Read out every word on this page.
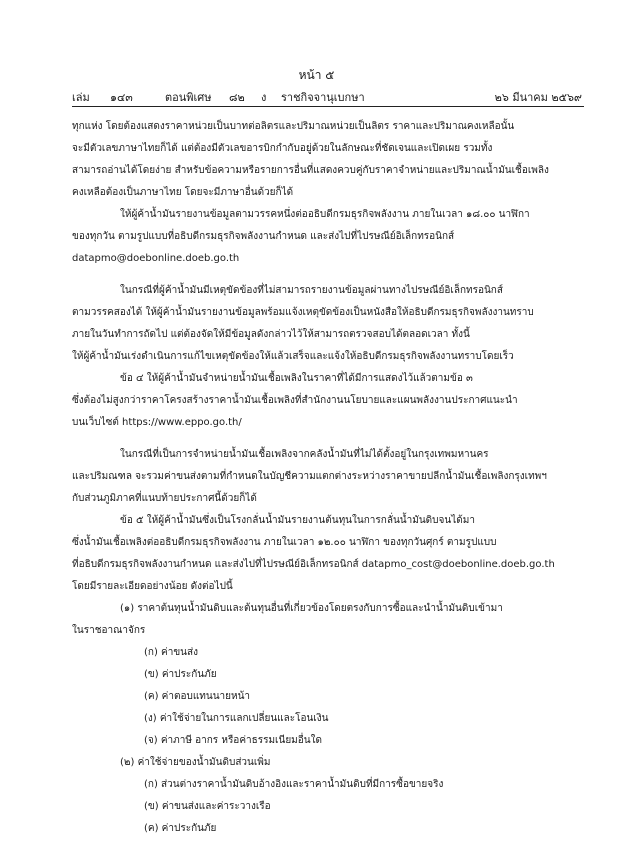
หน้า ๕
เล่ม ๑๔๓	ตอนพิเศษ ๘๒ ง ราชกิจจานุเบกษา	๒๖ มีนาคม ๒๕๖๙
ทุกแห่ง โดยต้องแสดงราคาหน่วยเป็นบาทต่อลิตรและปริมาณหน่วยเป็นลิตร ราคาและปริมาณคงเหลือนั้น
จะมีตัวเลขภาษาไทยก็ได้ แต่ต้องมีตัวเลขอารบิกกำกับอยู่ด้วยในลักษณะที่ชัดเจนและเปิดเผย รวมทั้ง
สามารถอ่านได้โดยง่าย สำหรับข้อความหรือรายการอื่นที่แสดงควบคู่กับราคาจำหน่ายและปริมาณน้ำมันเชื้อเพลิง
คงเหลือต้องเป็นภาษาไทย โดยจะมีภาษาอื่นด้วยก็ได้
ให้ผู้ค้าน้ำมันรายงานข้อมูลตามวรรคหนึ่งต่ออธิบดีกรมธุรกิจพลังงาน ภายในเวลา ๑๘.๐๐ นาฬิกา
ของทุกวัน ตามรูปแบบที่อธิบดีกรมธุรกิจพลังงานกำหนด และส่งไปที่ไปรษณีย์อิเล็กทรอนิกส์
datapmo@doebonline.doeb.go.th
ในกรณีที่ผู้ค้าน้ำมันมีเหตุขัดข้องที่ไม่สามารถรายงานข้อมูลผ่านทางไปรษณีย์อิเล็กทรอนิกส์
ตามวรรคสองได้ ให้ผู้ค้าน้ำมันรายงานข้อมูลพร้อมแจ้งเหตุขัดข้องเป็นหนังสือให้อธิบดีกรมธุรกิจพลังงานทราบ
ภายในวันทำการถัดไป แต่ต้องจัดให้มีข้อมูลดังกล่าวไว้ให้สามารถตรวจสอบได้ตลอดเวลา ทั้งนี้
ให้ผู้ค้าน้ำมันเร่งดำเนินการแก้ไขเหตุขัดข้องให้แล้วเสร็จและแจ้งให้อธิบดีกรมธุรกิจพลังงานทราบโดยเร็ว
ข้อ ๔ ให้ผู้ค้าน้ำมันจำหน่ายน้ำมันเชื้อเพลิงในราคาที่ได้มีการแสดงไว้แล้วตามข้อ ๓
ซึ่งต้องไม่สูงกว่าราคาโครงสร้างราคาน้ำมันเชื้อเพลิงที่สำนักงานนโยบายและแผนพลังงานประกาศแนะนำ
บนเว็บไซต์ https://www.eppo.go.th/
ในกรณีที่เป็นการจำหน่ายน้ำมันเชื้อเพลิงจากคลังน้ำมันที่ไม่ได้ตั้งอยู่ในกรุงเทพมหานคร
และปริมณฑล จะรวมค่าขนส่งตามที่กำหนดในบัญชีความแตกต่างระหว่างราคาขายปลีกน้ำมันเชื้อเพลิงกรุงเทพฯ
กับส่วนภูมิภาคที่แนบท้ายประกาศนี้ด้วยก็ได้
ข้อ ๕ ให้ผู้ค้าน้ำมันซึ่งเป็นโรงกลั่นน้ำมันรายงานต้นทุนในการกลั่นน้ำมันดิบจนได้มา
ซึ่งน้ำมันเชื้อเพลิงต่ออธิบดีกรมธุรกิจพลังงาน ภายในเวลา ๑๒.๐๐ นาฬิกา ของทุกวันศุกร์ ตามรูปแบบ
ที่อธิบดีกรมธุรกิจพลังงานกำหนด และส่งไปที่ไปรษณีย์อิเล็กทรอนิกส์ datapmo_cost@doebonline.doeb.go.th
โดยมีรายละเอียดอย่างน้อย ดังต่อไปนี้
(๑) ราคาต้นทุนน้ำมันดิบและต้นทุนอื่นที่เกี่ยวข้องโดยตรงกับการซื้อและนำน้ำมันดิบเข้ามา
ในราชอาณาจักร
(ก) ค่าขนส่ง
(ข) ค่าประกันภัย
(ค) ค่าตอบแทนนายหน้า
(ง) ค่าใช้จ่ายในการแลกเปลี่ยนและโอนเงิน
(จ) ค่าภาษี อากร หรือค่าธรรมเนียมอื่นใด
(๒) ค่าใช้จ่ายของน้ำมันดิบส่วนเพิ่ม
(ก) ส่วนต่างราคาน้ำมันดิบอ้างอิงและราคาน้ำมันดิบที่มีการซื้อขายจริง
(ข) ค่าขนส่งและค่าระวางเรือ
(ค) ค่าประกันภัย
